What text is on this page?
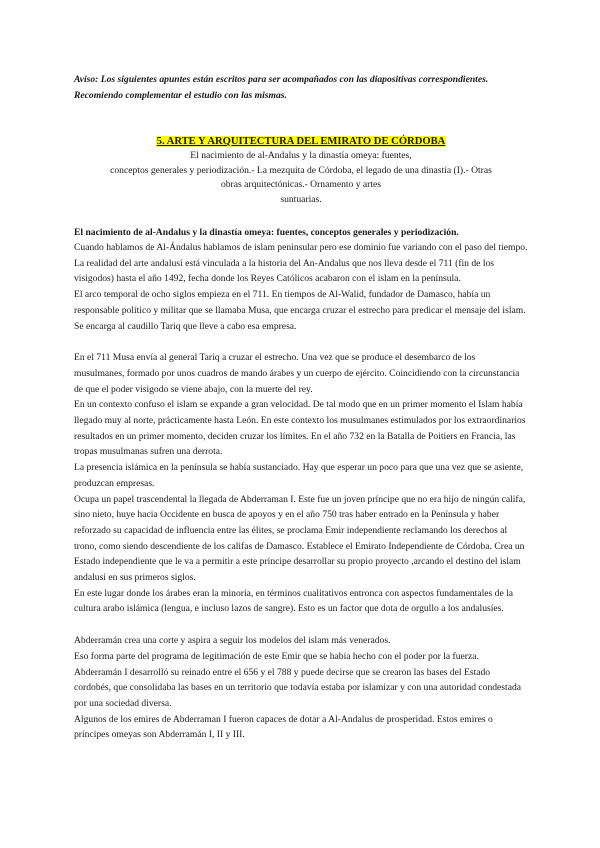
Aviso: Los siguientes apuntes están escritos para ser acompañados con las diapositivas correspondientes. Recomiendo complementar el estudio con las mismas.

5. ARTE Y ARQUITECTURA DEL EMIRATO DE CÓRDOBA
El nacimiento de al-Andalus y la dinastía omeya: fuentes,
conceptos generales y periodización.- La mezquita de Córdoba, el legado de una dinastía (I).- Otras
obras arquitectónicas.- Ornamento y artes
suntuarias.

El nacimiento de al-Andalus y la dinastía omeya: fuentes, conceptos generales y periodización.

Cuando hablamos de Al-Ándalus hablamos de islam peninsular pero ese dominio fue variando con el paso del tiempo. La realidad del arte andalusí está vinculada a la historia del An-Andalus que nos lleva desde el 711 (fin de los visigodos) hasta el año 1492, fecha donde los Reyes Católicos acabaron con el islam en la península.

El arco temporal de ocho siglos empieza en el 711. En tiempos de Al-Walid, fundador de Damasco, había un responsable político y militar que se llamaba Musa, que encarga cruzar el estrecho para predicar el mensaje del islam. Se encarga al caudillo Tariq que lleve a cabo esa empresa.

En el 711 Musa envía al general Tariq a cruzar el estrecho. Una vez que se produce el desembarco de los musulmanes, formado por unos cuadros de mando árabes y un cuerpo de ejército. Coincidiendo con la circunstancia de que el poder visigodo se viene abajo, con la muerte del rey.

En un contexto confuso el islam se expande a gran velocidad. De tal modo que en un primer momento el Islam había llegado muy al norte, prácticamente hasta León. En este contexto los musulmanes estimulados por los extraordinarios resultados en un primer momento, deciden cruzar los límites. En el año 732 en la Batalla de Poitiers en Francia, las tropas musulmanas sufren una derrota.

La presencia islámica en la península se había sustanciado. Hay que esperar un poco para que una vez que se asiente, produzcan empresas.

Ocupa un papel trascendental la llegada de Abderraman I. Este fue un joven príncipe que no era hijo de ningún califa, sino nieto, huye hacia Occidente en busca de apoyos y en el año 750 tras haber entrado en la Península y haber reforzado su capacidad de influencia entre las élites, se proclama Emir independiente reclamando los derechos al trono, como siendo descendiente de los califas de Damasco. Establece el Emirato Independiente de Córdoba. Crea un Estado independiente que le va a permitir a este príncipe desarrollar su propio proyecto ,arcando el destino del islam andalusí en sus primeros siglos.

En este lugar donde los árabes eran la minoría, en términos cualitativos entronca con aspectos fundamentales de la cultura arabo islámica (lengua, e incluso lazos de sangre). Esto es un factor que dota de orgullo a los andalusíes.

Abderramán crea una corte y aspira a seguir los modelos del islam más venerados.

Eso forma parte del programa de legitimación de este Emir que se había hecho con el poder por la fuerza.

Abderramán I desarrolló su reinado entre el 656 y el 788 y puede decirse que se crearon las bases del Estado cordobés, que consolidaba las bases en un territorio que todavía estaba por islamizar y con una autoridad condestada por una sociedad diversa.

Algunos de los emires de Abderraman I fueron capaces de dotar a Al-Andalus de prosperidad. Estos emires o príncipes omeyas son Abderramán I, II y III.
